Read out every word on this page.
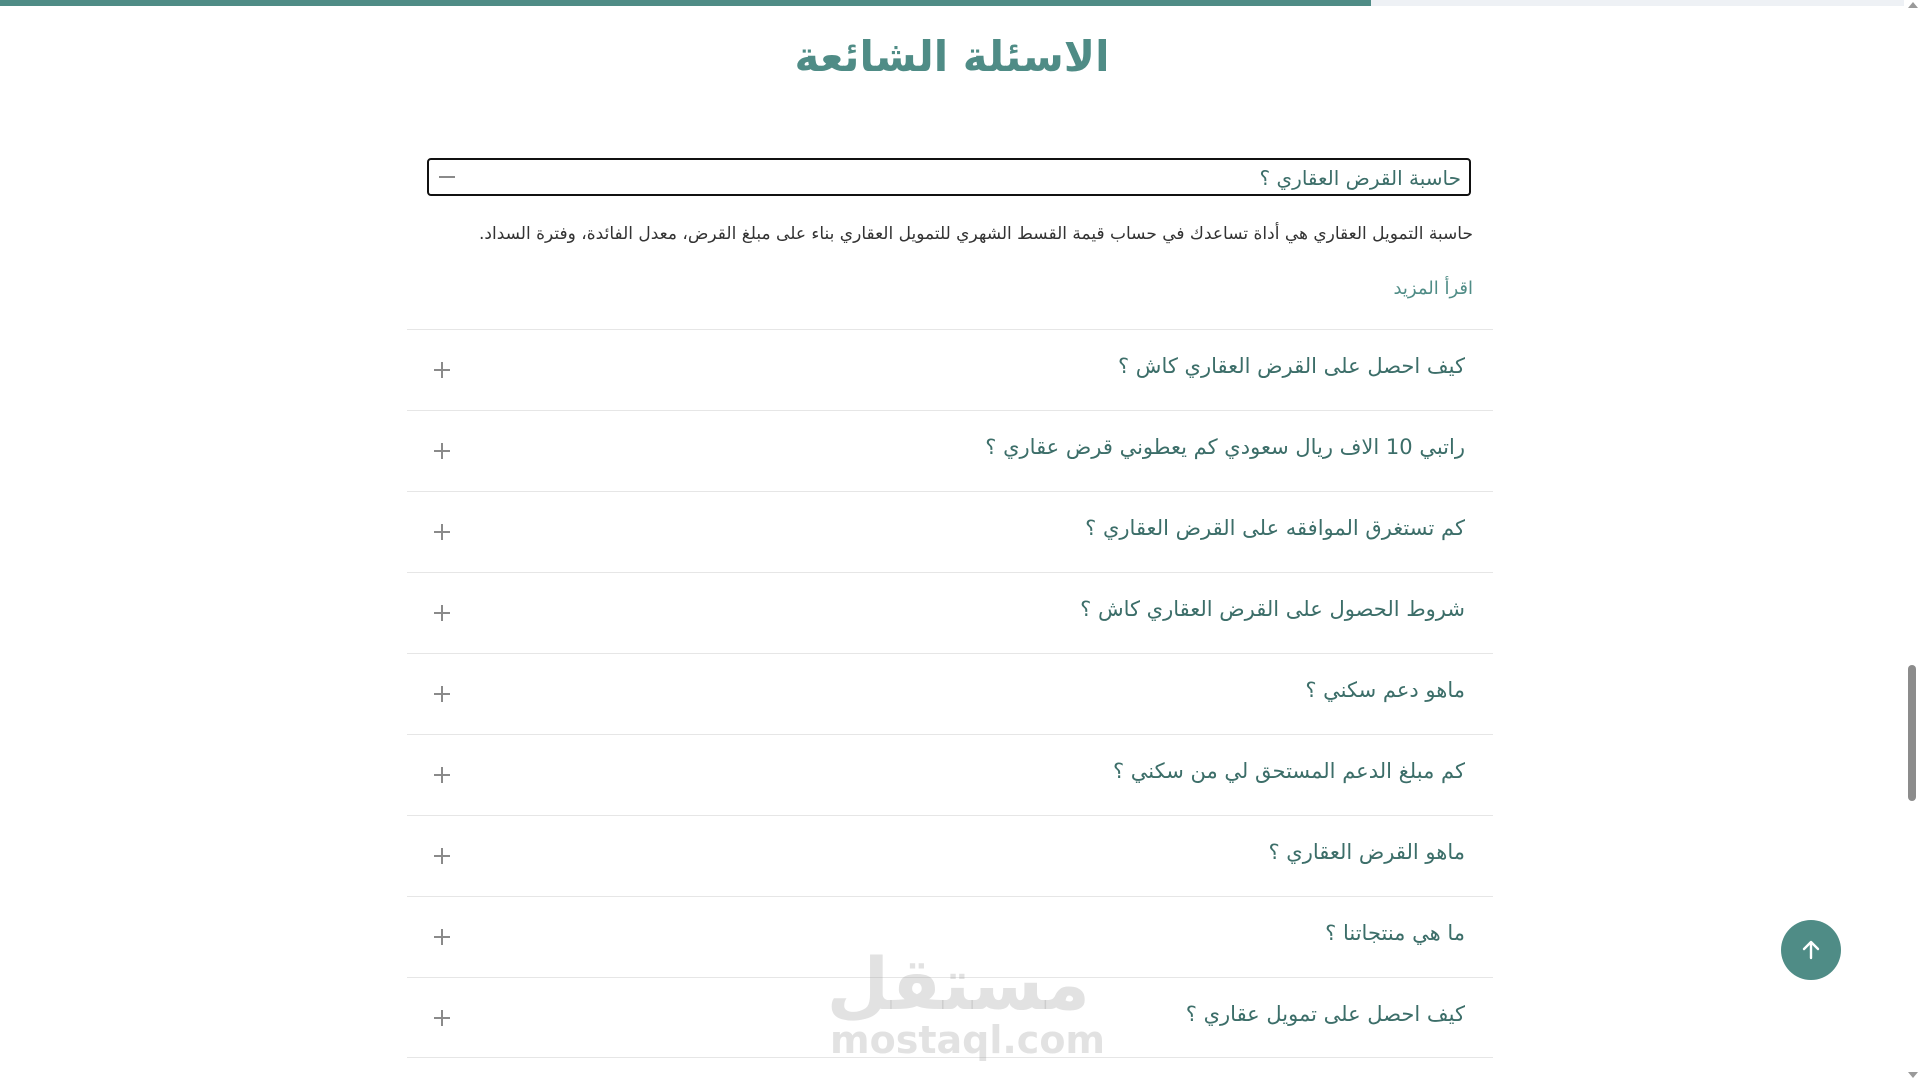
الاسئلة الشائعة
حاسبة القرض العقاري ؟
حاسبة التمويل العقاري هي أداة تساعدك في حساب قيمة القسط الشهري للتمويل العقاري بناء على مبلغ القرض، معدل الفائدة، وفترة السداد.
اقرأ المزيد
كيف احصل على القرض العقاري كاش ؟
راتبي 10 الاف ريال سعودي كم يعطوني قرض عقاري ؟
كم تستغرق الموافقه على القرض العقاري ؟
شروط الحصول على القرض العقاري كاش ؟
ماهو دعم سكني ؟
كم مبلغ الدعم المستحق لي من سكني ؟
ماهو القرض العقاري ؟
ما هي منتجاتنا ؟
كيف احصل على تمويل عقاري ؟
مستقل
mostaql.com
